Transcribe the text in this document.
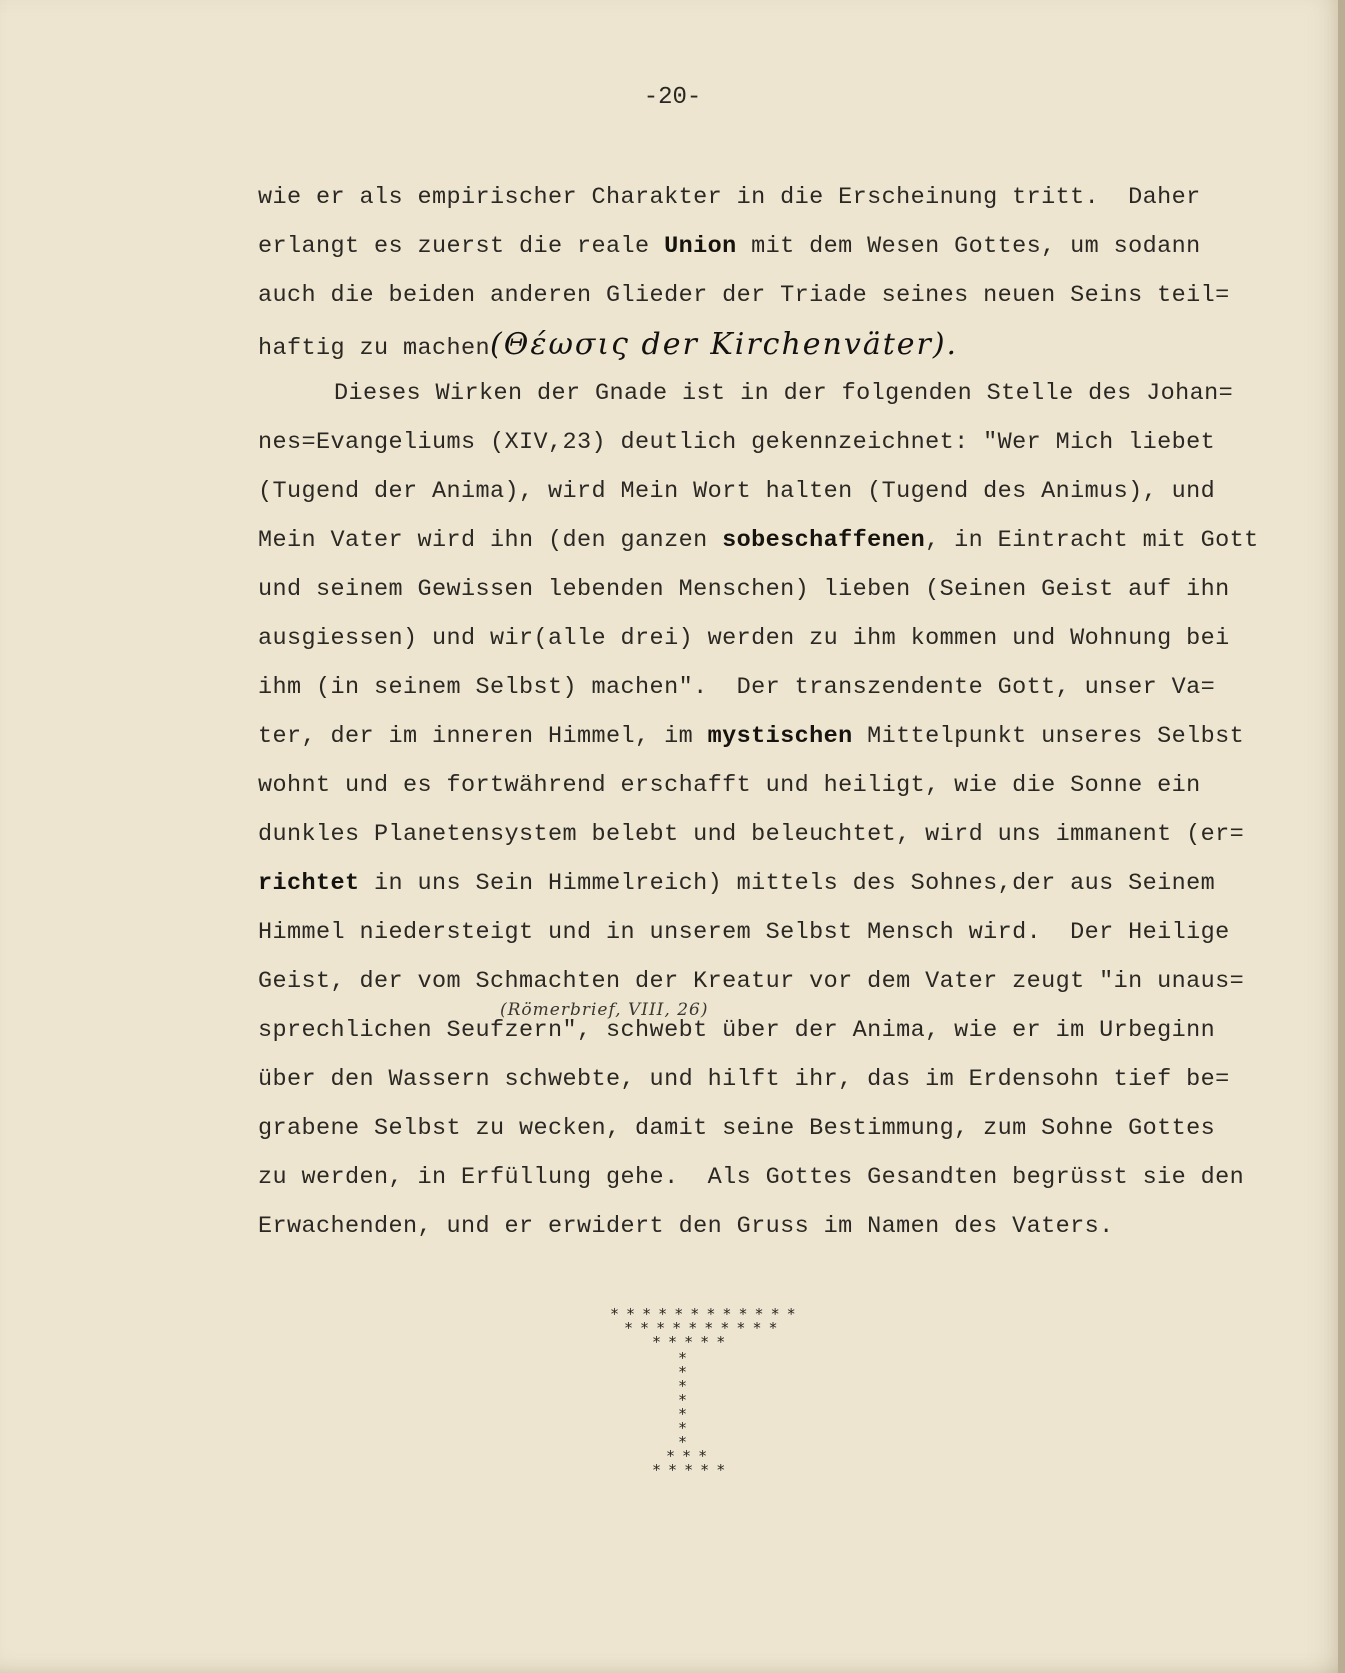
-20-
wie er als empirischer Charakter in die Erscheinung tritt.  Daher
erlangt es zuerst die reale Union mit dem Wesen Gottes, um sodann
auch die beiden anderen Glieder der Triade seines neuen Seins teil=
haftig zu machen(Θέωσις der Kirchenväter).
Dieses Wirken der Gnade ist in der folgenden Stelle des Johan=
nes=Evangeliums (XIV,23) deutlich gekennzeichnet: "Wer Mich liebet
(Tugend der Anima), wird Mein Wort halten (Tugend des Animus), und
Mein Vater wird ihn (den ganzen sobeschaffenen, in Eintracht mit Gott
und seinem Gewissen lebenden Menschen) lieben (Seinen Geist auf ihn
ausgiessen) und wir(alle drei) werden zu ihm kommen und Wohnung bei
ihm (in seinem Selbst) machen".  Der transzendente Gott, unser Va=
ter, der im inneren Himmel, im mystischen Mittelpunkt unseres Selbst
wohnt und es fortwährend erschafft und heiligt, wie die Sonne ein
dunkles Planetensystem belebt und beleuchtet, wird uns immanent (er=
richtet in uns Sein Himmelreich) mittels des Sohnes,der aus Seinem
Himmel niedersteigt und in unserem Selbst Mensch wird.  Der Heilige
Geist, der vom Schmachten der Kreatur vor dem Vater zeugt "in unaus=
sprechlichen Seufzern", schwebt über der Anima, wie er im Urbeginn
über den Wassern schwebte, und hilft ihr, das im Erdensohn tief be=
grabene Selbst zu wecken, damit seine Bestimmung, zum Sohne Gottes
zu werden, in Erfüllung gehe.  Als Gottes Gesandten begrüsst sie den
Erwachenden, und er erwidert den Gruss im Namen des Vaters.
(Römerbrief, VIII, 26)
* * * * * * * * * * * *
* * * * * * * * * *
* * * * *
*
*
*
*
*
*
*
* * *
* * * * *
